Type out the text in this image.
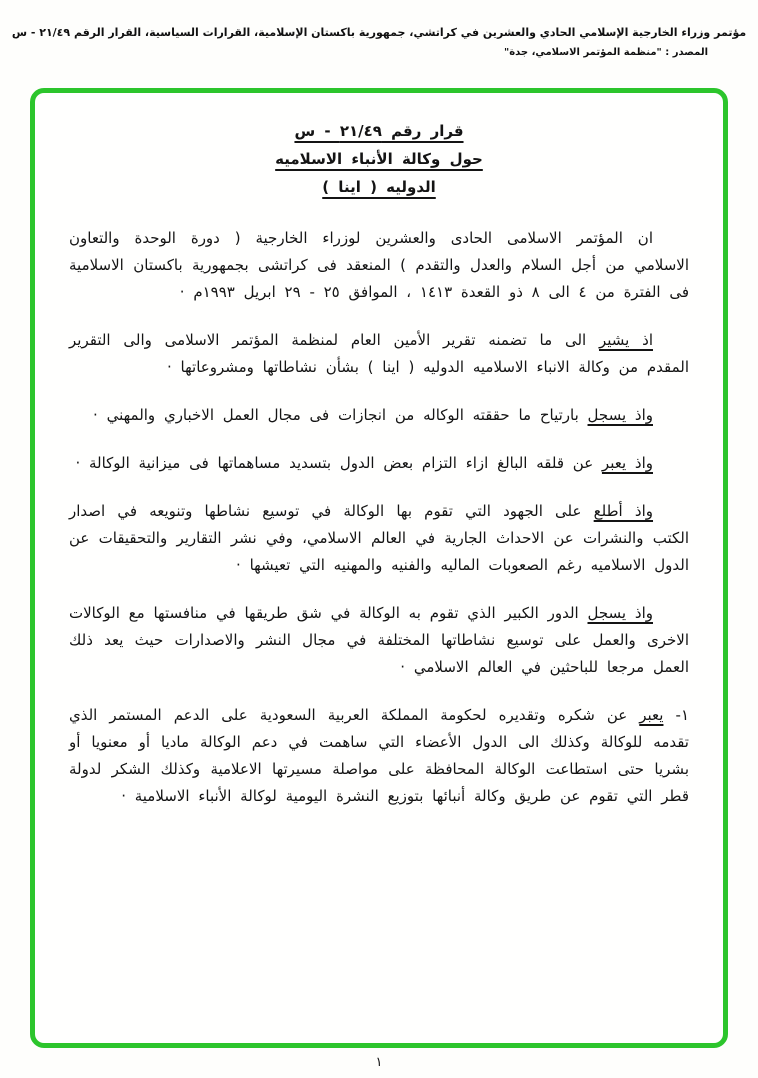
مؤتمر وزراء الخارجية الإسلامي الحادي والعشرين في كراتشي، جمهورية باكستان الإسلامية، القرارات السياسية، القرار الرقم ٢١/٤٩ - س
المصدر : "منظمة المؤتمر الاسلامي، جدة"
قرار رقم ٢١/٤٩ - س
حول وكالة الأنباء الاسلاميه
الدوليه ( اينا )

ان المؤتمر الاسلامى الحادى والعشرين لوزراء الخارجية ( دورة الوحدة والتعاون الاسلامي من أجل السلام والعدل والتقدم ) المنعقد فى كراتشى بجمهورية باكستان الاسلامية فى الفترة من ٤ الى ٨ ذو القعدة ١٤١٣ ، الموافق ٢٥ - ٢٩ ابريل ١٩٩٣م ·

اذ يشير الى ما تضمنه تقرير الأمين العام لمنظمة المؤتمر الاسلامى والى التقرير المقدم من وكالة الانباء الاسلاميه الدوليه ( اينا ) بشأن نشاطاتها ومشروعاتها ·

واذ يسجل بارتياح ما حققته الوكاله من انجازات فى مجال العمل الاخباري والمهني ·

واذ يعبر عن قلقه البالغ ازاء التزام بعض الدول بتسديد مساهماتها فى ميزانية الوكالة ·

واذ أطلع على الجهود التي تقوم بها الوكالة في توسيع نشاطها وتنويعه في اصدار الكتب والنشرات عن الاحداث الجارية في العالم الاسلامي، وفي نشر التقارير والتحقيقات عن الدول الاسلاميه رغم الصعوبات الماليه والفنيه والمهنيه التي تعيشها ·

واذ يسجل الدور الكبير الذي تقوم به الوكالة في شق طريقها في منافستها مع الوكالات الاخرى والعمل على توسيع نشاطاتها المختلفة في مجال النشر والاصدارات حيث يعد ذلك العمل مرجعا للباحثين في العالم الاسلامي ·

١- يعبر عن شكره وتقديره لحكومة المملكة العربية السعودية على الدعم المستمر الذي تقدمه للوكالة وكذلك الى الدول الأعضاء التي ساهمت في دعم الوكالة ماديا أو معنويا أو بشريا حتى استطاعت الوكالة المحافظة على مواصلة مسيرتها الاعلامية وكذلك الشكر لدولة قطر التي تقوم عن طريق وكالة أنبائها بتوزيع النشرة اليومية لوكالة الأنباء الاسلامية ·

١
